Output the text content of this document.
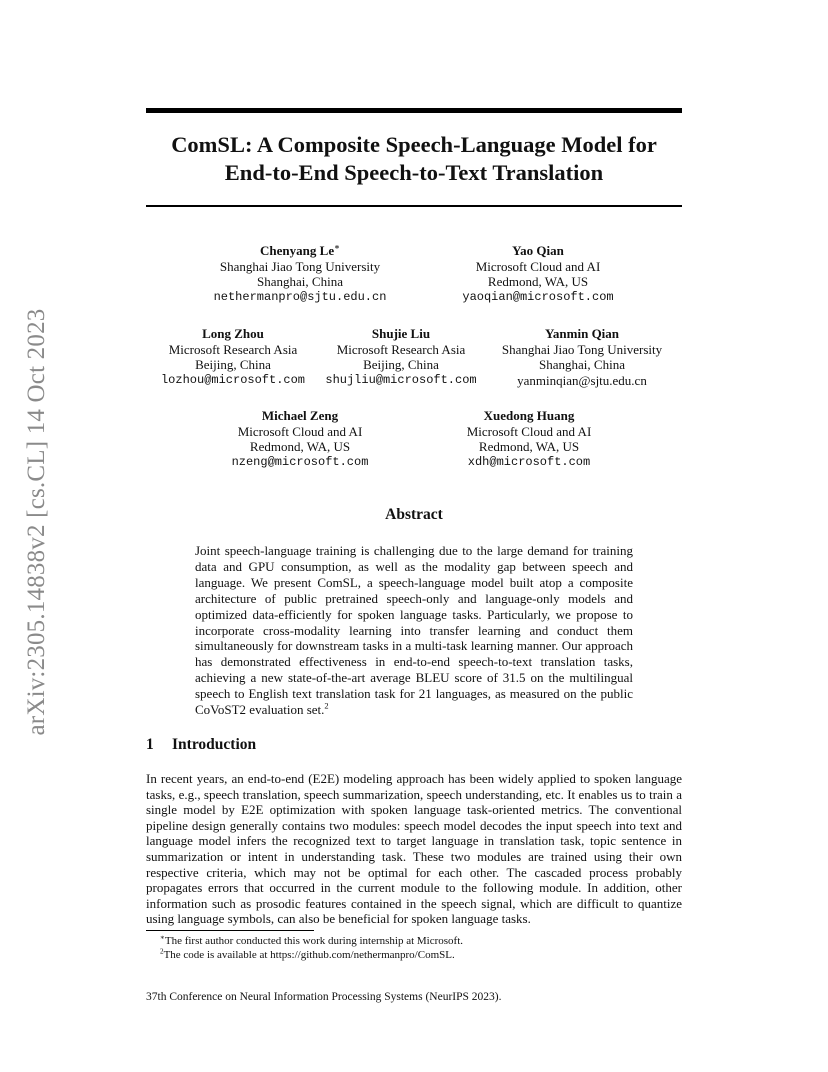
arXiv:2305.14838v2 [cs.CL] 14 Oct 2023
ComSL: A Composite Speech-Language Model for
End-to-End Speech-to-Text Translation
Chenyang Le∗
Shanghai Jiao Tong University
Shanghai, China
nethermanpro@sjtu.edu.cn
Yao Qian
Microsoft Cloud and AI
Redmond, WA, US
yaoqian@microsoft.com
Long Zhou
Microsoft Research Asia
Beijing, China
lozhou@microsoft.com
Shujie Liu
Microsoft Research Asia
Beijing, China
shujliu@microsoft.com
Yanmin Qian
Shanghai Jiao Tong University
Shanghai, China
yanminqian@sjtu.edu.cn
Michael Zeng
Microsoft Cloud and AI
Redmond, WA, US
nzeng@microsoft.com
Xuedong Huang
Microsoft Cloud and AI
Redmond, WA, US
xdh@microsoft.com
Abstract
Joint speech-language training is challenging due to the large demand for training data and GPU consumption, as well as the modality gap between speech and language. We present ComSL, a speech-language model built atop a composite architecture of public pretrained speech-only and language-only models and optimized data-efficiently for spoken language tasks. Particularly, we propose to incorporate cross-modality learning into transfer learning and conduct them simultaneously for downstream tasks in a multi-task learning manner. Our approach has demonstrated effectiveness in end-to-end speech-to-text translation tasks, achieving a new state-of-the-art average BLEU score of 31.5 on the multilingual speech to English text translation task for 21 languages, as measured on the public CoVoST2 evaluation set.$^2$
1 Introduction
In recent years, an end-to-end (E2E) modeling approach has been widely applied to spoken language tasks, e.g., speech translation, speech summarization, speech understanding, etc. It enables us to train a single model by E2E optimization with spoken language task-oriented metrics. The conventional pipeline design generally contains two modules: speech model decodes the input speech into text and language model infers the recognized text to target language in translation task, topic sentence in summarization or intent in understanding task. These two modules are trained using their own respective criteria, which may not be optimal for each other. The cascaded process probably propagates errors that occurred in the current module to the following module. In addition, other information such as prosodic features contained in the speech signal, which are difficult to quantize using language symbols, can also be beneficial for spoken language tasks.
∗The first author conducted this work during internship at Microsoft.
$^2$The code is available at https://github.com/nethermanpro/ComSL.
37th Conference on Neural Information Processing Systems (NeurIPS 2023).
